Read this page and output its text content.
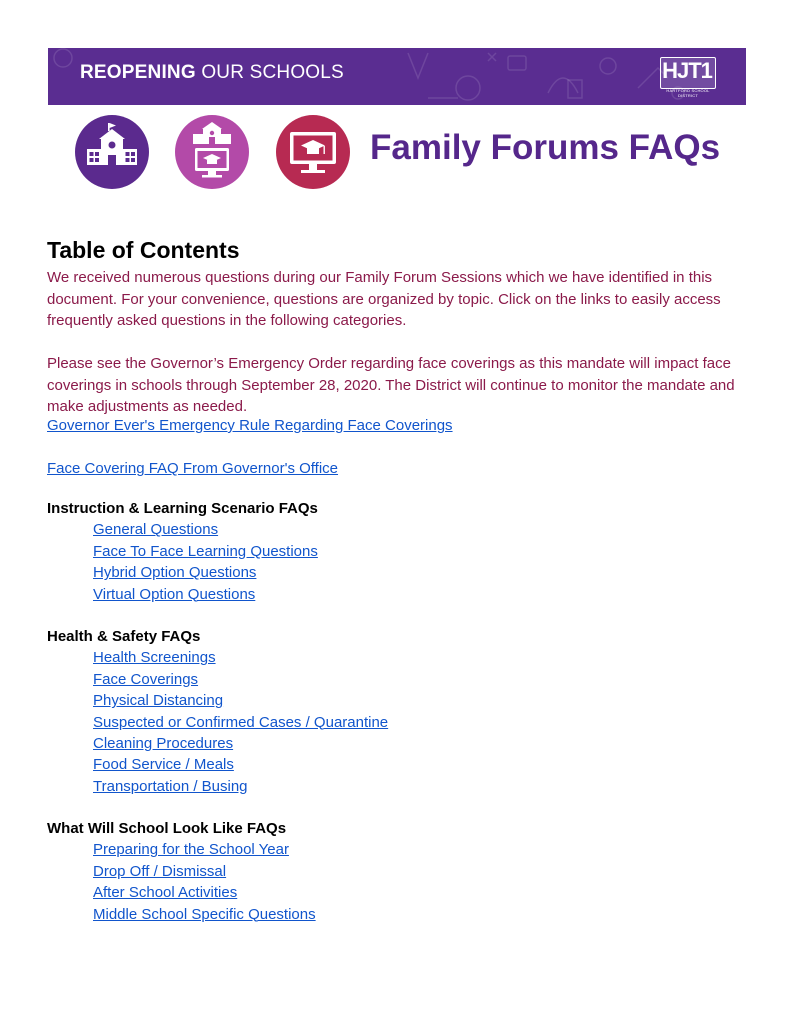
REOPENING OUR SCHOOLS	HJT1
HARTFORD SCHOOL DISTRICT
Family Forums FAQs
Table of Contents

We received numerous questions during our Family Forum Sessions which we have identified in this document. For your convenience, questions are organized by topic. Click on the links to easily access frequently asked questions in the following categories.

Please see the Governor’s Emergency Order regarding face coverings as this mandate will impact face coverings in schools through September 28, 2020. The District will continue to monitor the mandate and make adjustments as needed.

Governor Ever's Emergency Rule Regarding Face Coverings
Face Covering FAQ From Governor's Office

Instruction & Learning Scenario FAQs

General Questions
Face To Face Learning Questions
Hybrid Option Questions
Virtual Option Questions

Health & Safety FAQs

Health Screenings
Face Coverings
Physical Distancing
Suspected or Confirmed Cases / Quarantine
Cleaning Procedures
Food Service / Meals
Transportation / Busing

What Will School Look Like FAQs

Preparing for the School Year
Drop Off / Dismissal
After School Activities
Middle School Specific Questions
